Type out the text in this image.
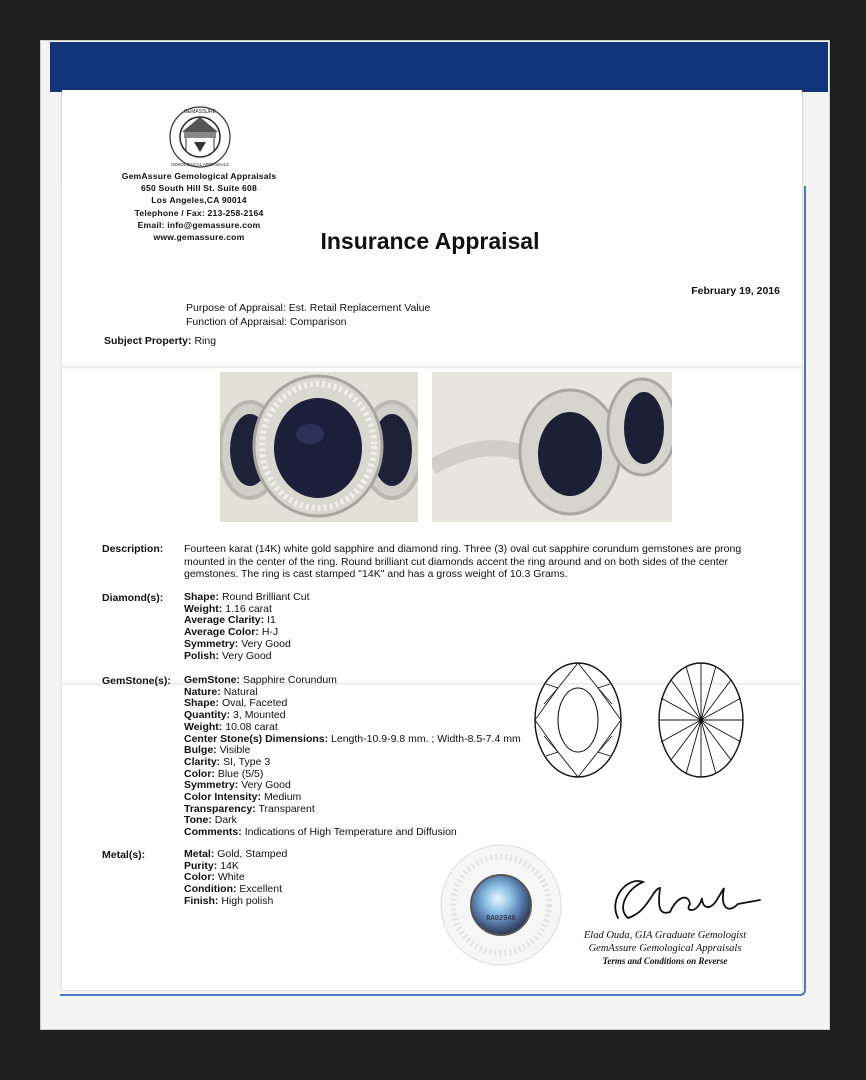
GEMASSURE
GEMOLOGICAL APPRAISALS
GemAssure Gemological Appraisals
650 South Hill St. Suite 608
Los Angeles,CA 90014
Telephone / Fax: 213-258-2164
Email: info@gemassure.com
www.gemassure.com	Insurance Appraisal
February 19, 2016
Purpose of Appraisal: Est. Retail Replacement Value
Function of Appraisal: Comparison
Subject Property: Ring
Description: Fourteen karat (14K) white gold sapphire and diamond ring. Three (3) oval cut sapphire corundum gemstones are prong mounted in the center of the ring. Round brilliant cut diamonds accent the ring around and on both sides of the center gemstones. The ring is cast stamped "14K" and has a gross weight of 10.3 Grams.
Diamond(s): Shape: Round Brilliant Cut
Weight: 1.16 carat
Average Clarity: I1
Average Color: H-J
Symmetry: Very Good
Polish: Very Good
GemStone(s): GemStone: Sapphire Corundum
Nature: Natural
Shape: Oval, Faceted
Quantity: 3, Mounted
Weight: 10.08 carat
Center Stone(s) Dimensions: Length-10.9-9.8 mm. ; Width-8.5-7.4 mm
Bulge: Visible
Clarity: SI, Type 3
Color: Blue (5/5)
Symmetry: Very Good
Color Intensity: Medium
Transparency: Transparent
Tone: Dark
Comments: Indications of High Temperature and Diffusion
Metal(s):	Metal: Gold, Stamped
Purity: 14K
Color: White
Condition: Excellent
Finish: High polish
RA02940
Elad Ouda
Elad Ouda, GIA Graduate Gemologist
GemAssure Gemological Appraisals
Terms and Conditions on Reverse
